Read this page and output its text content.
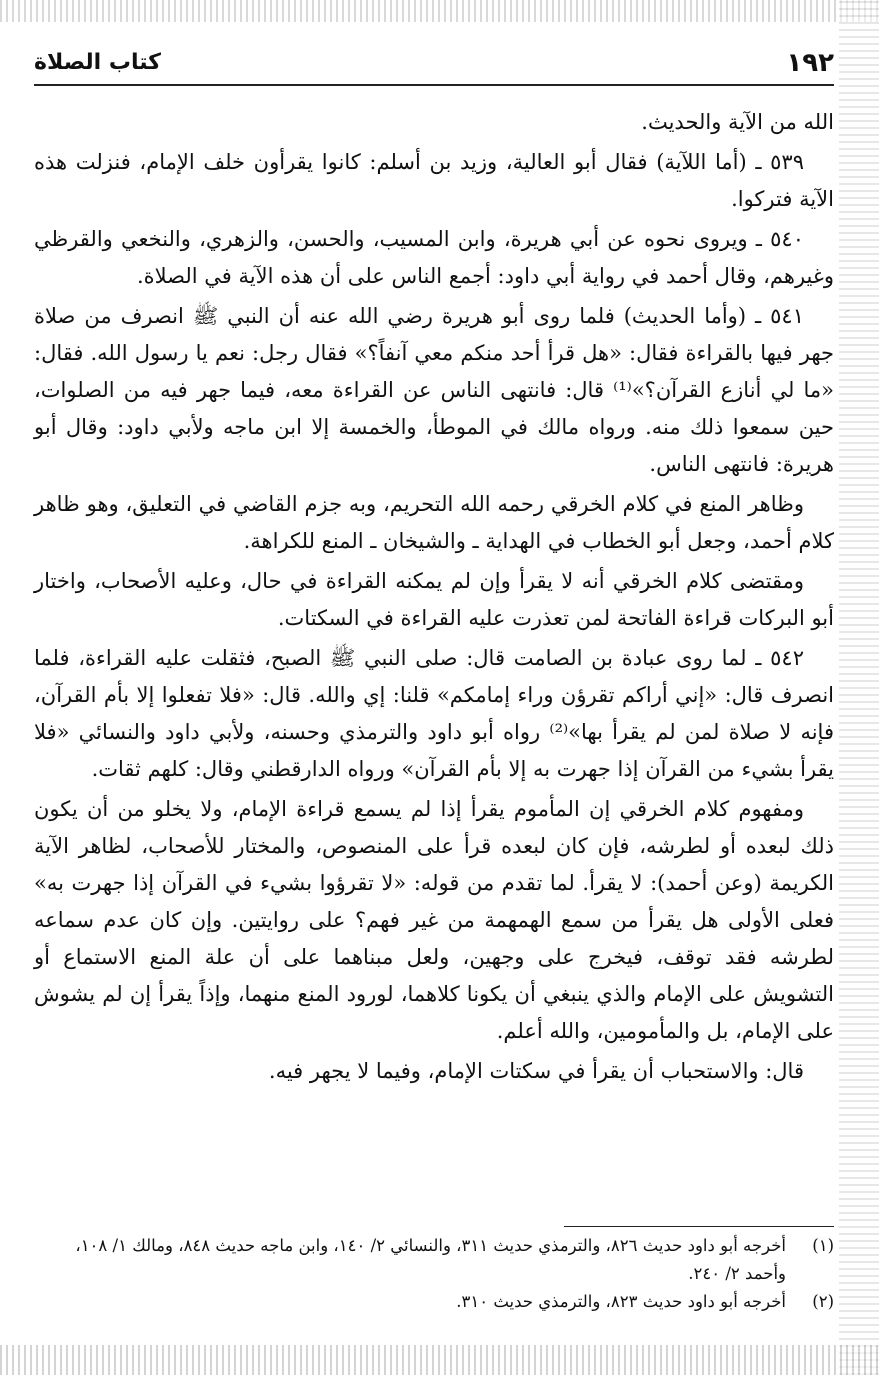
١٩٢
كتاب الصلاة

الله من الآية والحديث.

٥٣٩ ـ (أما اللآية) فقال أبو العالية، وزيد بن أسلم: كانوا يقرأون خلف الإمام، فنزلت هذه الآية فتركوا.

٥٤٠ ـ ويروى نحوه عن أبي هريرة، وابن المسيب، والحسن، والزهري، والنخعي والقرظي وغيرهم، وقال أحمد في رواية أبي داود: أجمع الناس على أن هذه الآية في الصلاة.

٥٤١ ـ (وأما الحديث) فلما روى أبو هريرة رضي الله عنه أن النبي ﷺ انصرف من صلاة جهر فيها بالقراءة فقال: «هل قرأ أحد منكم معي آنفاً؟» فقال رجل: نعم يا رسول الله. فقال: «ما لي أنازع القرآن؟»⁽¹⁾ قال: فانتهى الناس عن القراءة معه، فيما جهر فيه من الصلوات، حين سمعوا ذلك منه. ورواه مالك في الموطأ، والخمسة إلا ابن ماجه ولأبي داود: وقال أبو هريرة: فانتهى الناس.

وظاهر المنع في كلام الخرقي رحمه الله التحريم، وبه جزم القاضي في التعليق، وهو ظاهر كلام أحمد، وجعل أبو الخطاب في الهداية ـ والشيخان ـ المنع للكراهة.

ومقتضى كلام الخرقي أنه لا يقرأ وإن لم يمكنه القراءة في حال، وعليه الأصحاب، واختار أبو البركات قراءة الفاتحة لمن تعذرت عليه القراءة في السكتات.

٥٤٢ ـ لما روى عبادة بن الصامت قال: صلى النبي ﷺ الصبح، فثقلت عليه القراءة، فلما انصرف قال: «إني أراكم تقرؤن وراء إمامكم» قلنا: إي والله. قال: «فلا تفعلوا إلا بأم القرآن، فإنه لا صلاة لمن لم يقرأ بها»⁽²⁾ رواه أبو داود والترمذي وحسنه، ولأبي داود والنسائي «فلا يقرأ بشيء من القرآن إذا جهرت به إلا بأم القرآن» ورواه الدارقطني وقال: كلهم ثقات.

ومفهوم كلام الخرقي إن المأموم يقرأ إذا لم يسمع قراءة الإمام، ولا يخلو من أن يكون ذلك لبعده أو لطرشه، فإن كان لبعده قرأ على المنصوص، والمختار للأصحاب، لظاهر الآية الكريمة (وعن أحمد): لا يقرأ. لما تقدم من قوله: «لا تقرؤوا بشيء في القرآن إذا جهرت به» فعلى الأولى هل يقرأ من سمع الهمهمة من غير فهم؟ على روايتين. وإن كان عدم سماعه لطرشه فقد توقف، فيخرج على وجهين، ولعل مبناهما على أن علة المنع الاستماع أو التشويش على الإمام والذي ينبغي أن يكونا كلاهما، لورود المنع منهما، وإذاً يقرأ إن لم يشوش على الإمام، بل والمأمومين، والله أعلم.

قال: والاستحباب أن يقرأ في سكتات الإمام، وفيما لا يجهر فيه.

(١)
أخرجه أبو داود حديث ٨٢٦، والترمذي حديث ٣١١، والنسائي ٢/ ١٤٠، وابن ماجه حديث ٨٤٨، ومالك ١/ ١٠٨، وأحمد ٢/ ٢٤٠.
(٢)
أخرجه أبو داود حديث ٨٢٣، والترمذي حديث ٣١٠.
